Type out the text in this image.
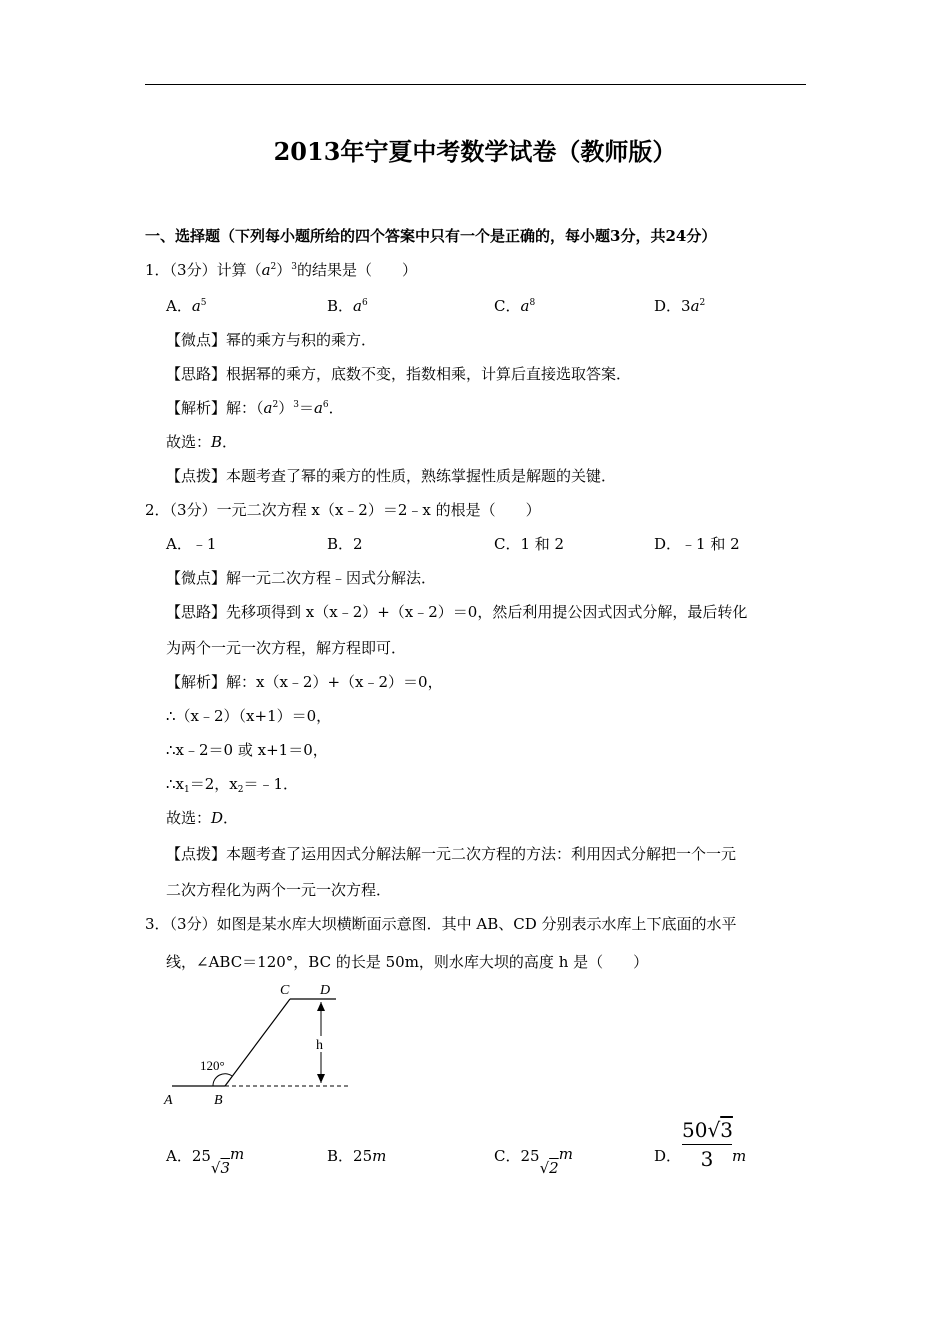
2013年宁夏中考数学试卷（教师版）
一、选择题（下列每小题所给的四个答案中只有一个是正确的，每小题3分，共24分）
1．（3分）计算$(a^2)^3$的结果是（　　）
A．$a^5$	B．$a^6$	C．$a^8$	D．$3a^2$
【微点】幂的乘方与积的乘方．
【思路】根据幂的乘方，底数不变，指数相乘，计算后直接选取答案．
【解析】解：$(a^2)^3=a^6$．
故选：B．
【点拨】本题考查了幂的乘方的性质，熟练掌握性质是解题的关键．
2．（3分）一元二次方程 x（x﹣2）＝2﹣x 的根是（　　）
A．﹣1	B．2	C．1 和 2	D．﹣1 和 2
【微点】解一元二次方程﹣因式分解法．
【思路】先移项得到 x（x﹣2）+（x﹣2）＝0，然后利用提公因式因式分解，最后转化
为两个一元一次方程，解方程即可．
【解析】解：x（x﹣2）+（x﹣2）＝0，
∴（x﹣2）（x+1）＝0，
∴x﹣2＝0 或 x+1＝0，
$\therefore x_1=2$，$x_2=﹣1$．
故选：D．
【点拨】本题考查了运用因式分解法解一元二次方程的方法：利用因式分解把一个一元
二次方程化为两个一元一次方程．
3．（3分）如图是某水库大坝横断面示意图．其中 AB、CD 分别表示水库上下底面的水平
线，∠ABC＝120°，BC 的长是 50m，则水库大坝的高度 h 是（　　）
C D
h
120°
A	B
A．25√3m	B．25m	C．25√2m	D． $\frac{50√3}{3}$ m
